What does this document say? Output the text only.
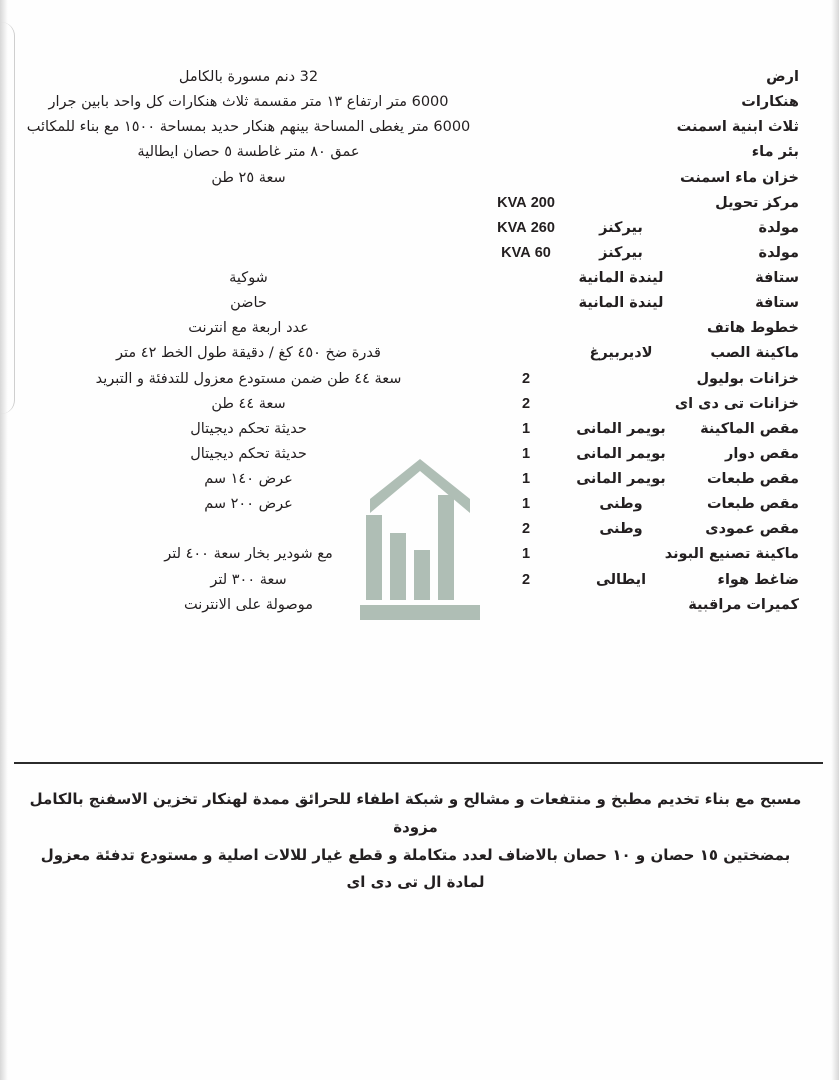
ارض			32 دنم مسورة بالكامل
هنكارات			6000 متر ارتفاع ١٣ متر مقسمة ثلاث هنكارات كل واحد بابين جرار
ثلاث ابنية اسمنت			6000 متر يغطى المساحة بينهم هنكار حديد بمساحة ١٥٠٠ مع بناء للمكائب
بئر ماء			عمق ٨٠ متر غاطسة ٥ حصان ايطالية
خزان ماء اسمنت			سعة ٢٥ طن
مركز تحويل		200 KVA	
مولدة	بيركنز	260 KVA	
مولدة	بيركنز	60 KVA	
ستافة	ليندة المانية		شوكية
ستافة	ليندة المانية		حاضن
خطوط هاتف			عدد اربعة مع انترنت
ماكينة الصب	لاديربيرغ		قدرة ضخ ٤٥٠ كغ / دقيقة طول الخط ٤٢ متر
خزانات بوليول		2	سعة ٤٤ طن ضمن مستودع معزول للتدفئة و التبريد
خزانات تى دى اى		2	سعة ٤٤ طن
مقص الماكينة	بويمر المانى	1	حديثة تحكم ديجيتال
مقص دوار	بويمر المانى	1	حديثة تحكم ديجيتال
مقص طبعات	بويمر المانى	1	عرض ١٤٠ سم
مقص طبعات	وطنى	1	عرض ٢٠٠ سم
مقص عمودى	وطنى	2	
ماكينة تصنيع البوند		1	مع شودير بخار سعة ٤٠٠ لتر
ضاغط هواء	ايطالى	2	سعة ٣٠٠ لتر
كميرات مراقبية			موصولة على الانترنت
مسبح مع بناء تخديم مطبخ و منتفعات و مشالح و شبكة اطفاء للحرائق ممدة لهنكار تخزين الاسفنج بالكامل مزودة
بمضختين ١٥ حصان و ١٠ حصان بالاضاف لعدد متكاملة و قطع غيار للالات اصلية و مستودع تدفئة معزول
لمادة ال تى دى اى
